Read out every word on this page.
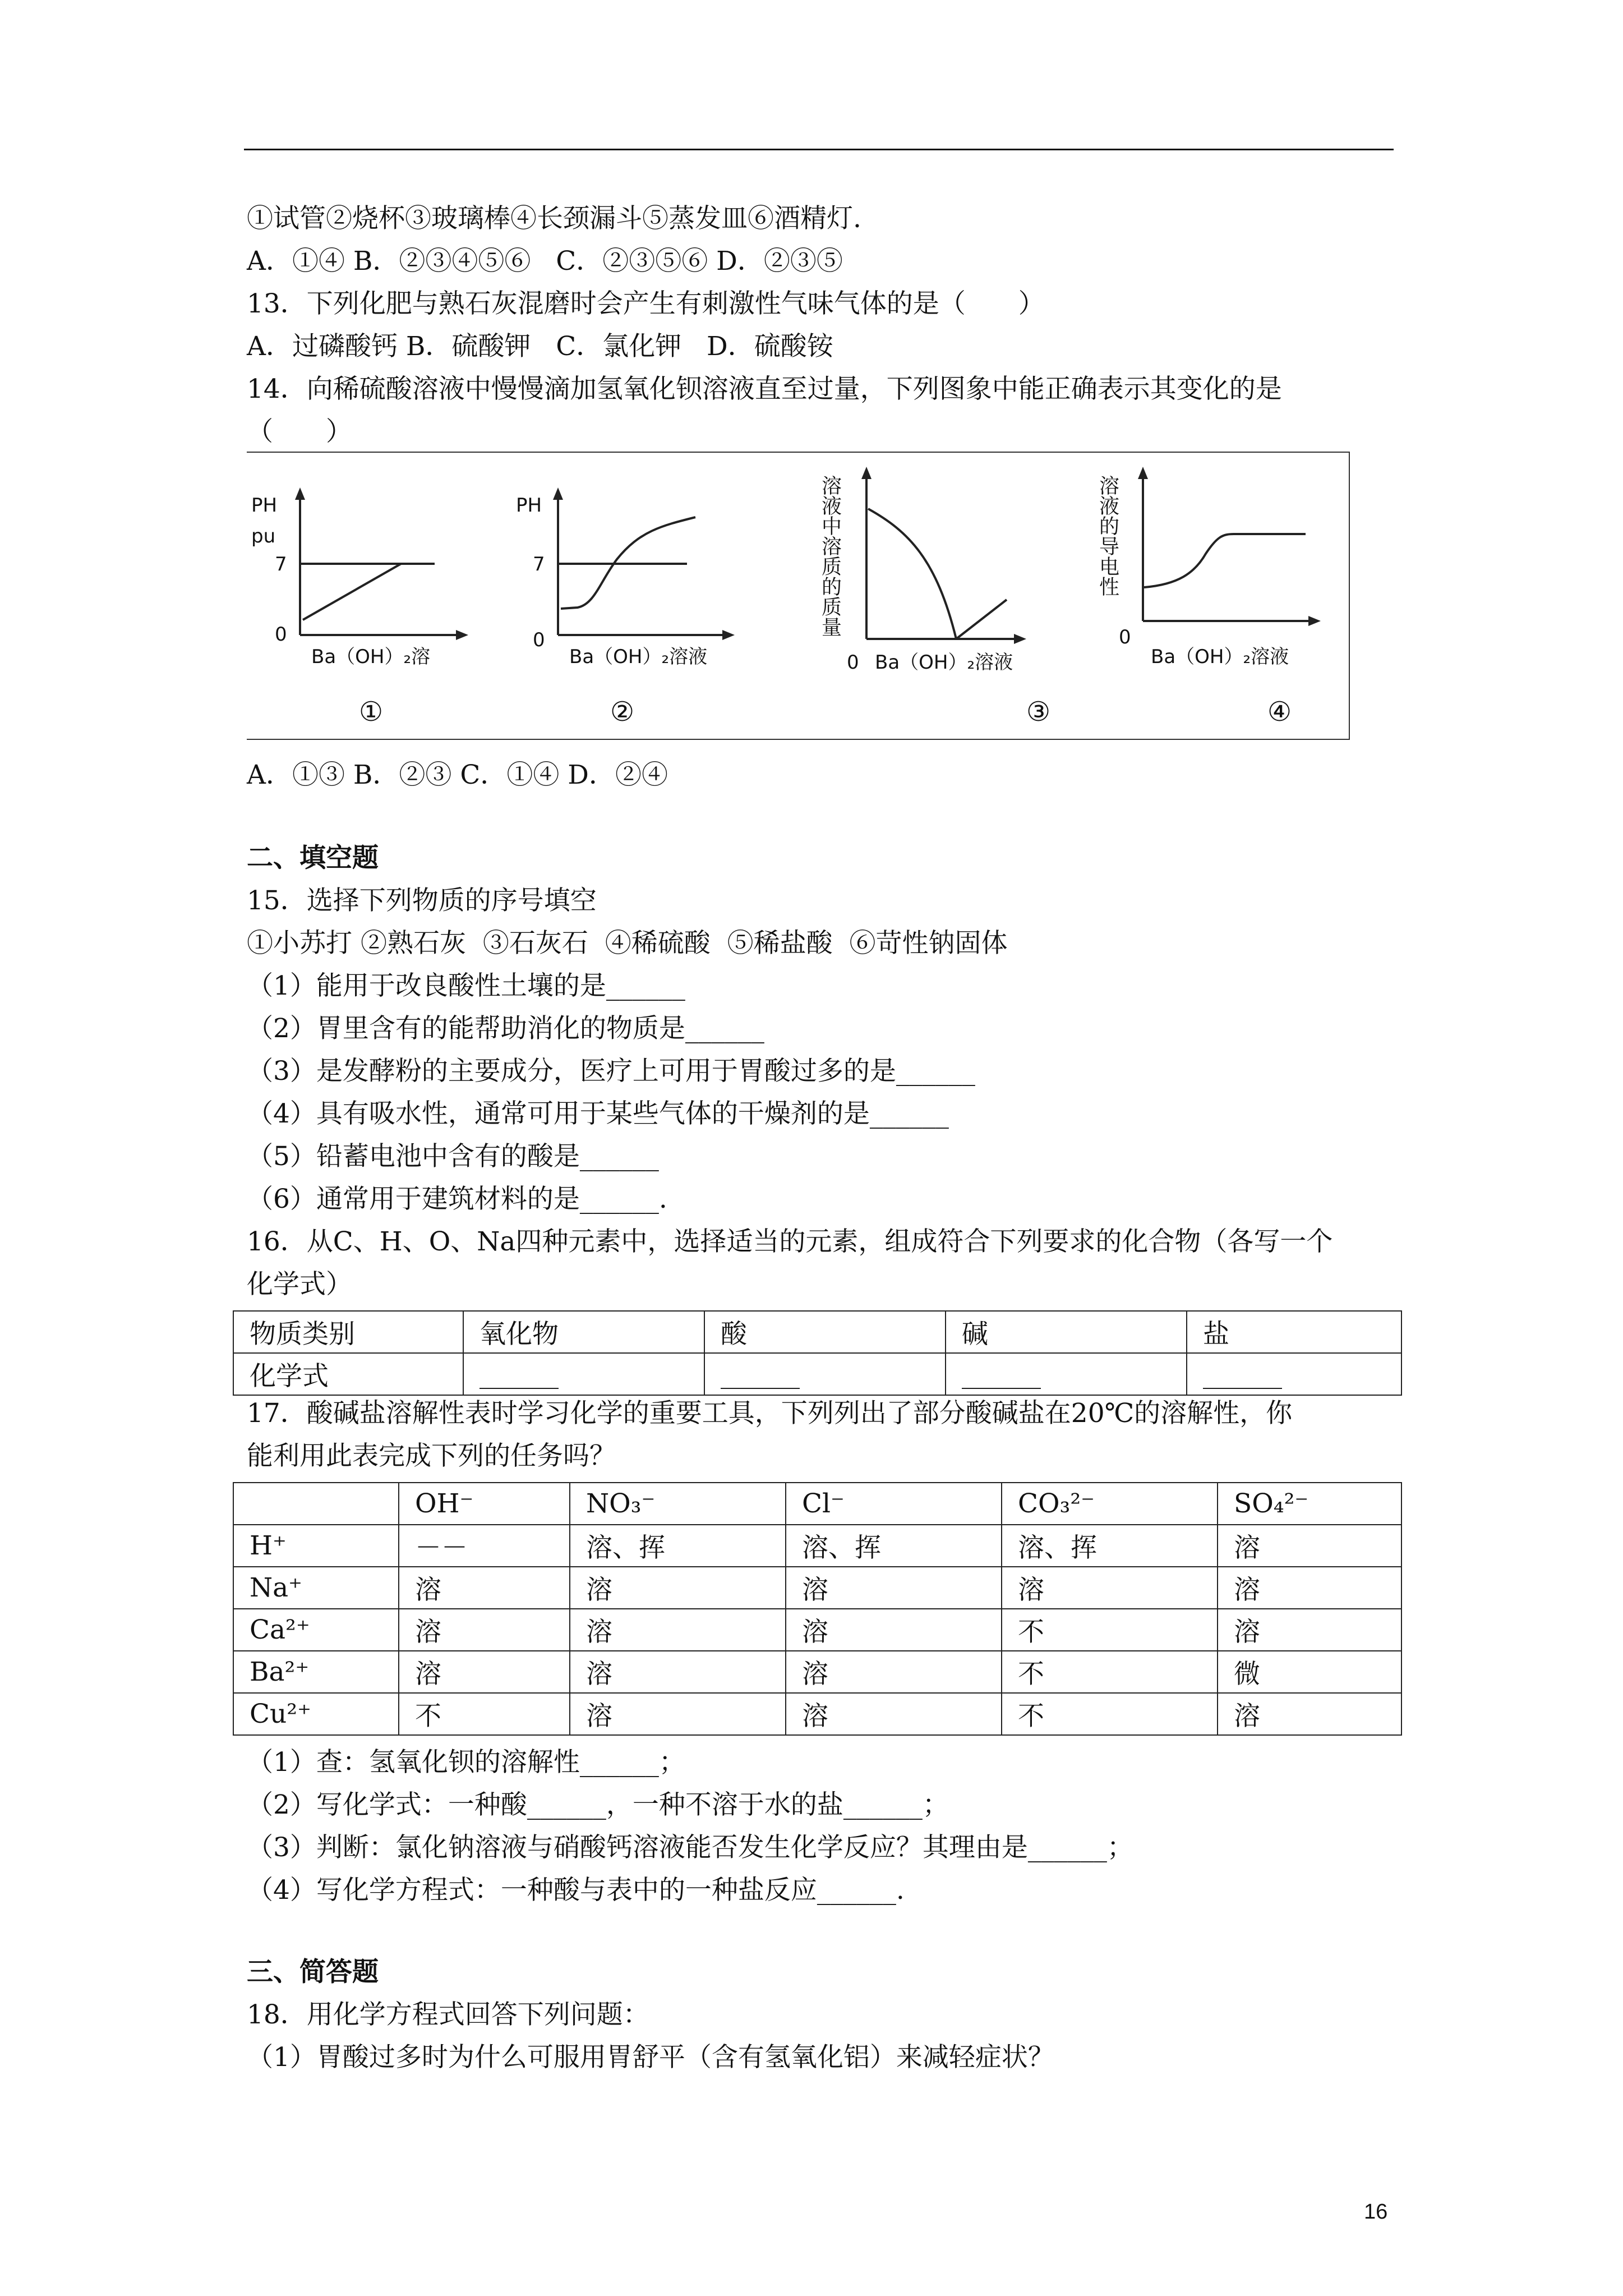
①试管②烧杯③玻璃棒④长颈漏斗⑤蒸发皿⑥酒精灯.
A．①④ B．②③④⑤⑥   C．②③⑤⑥ D．②③⑤
13．下列化肥与熟石灰混磨时会产生有刺激性气味气体的是（　　）
A．过磷酸钙 B．硫酸钾   C．氯化钾   D．硫酸铵
14．向稀硫酸溶液中慢慢滴加氢氧化钡溶液直至过量，下列图象中能正确表示其变化的是
（　　）
PH
pu
7
0
Ba（OH）₂溶
①
PH
7
0
Ba（OH）₂溶液
②
溶液中溶质的质量
0 Ba（OH）₂溶液
③
溶液的导电性
0
Ba（OH）₂溶液
④
A．①③ B．②③ C．①④ D．②④
二、填空题
15．选择下列物质的序号填空
①小苏打 ②熟石灰  ③石灰石  ④稀硫酸  ⑤稀盐酸  ⑥苛性钠固体
（1）能用于改良酸性土壤的是______
（2）胃里含有的能帮助消化的物质是______
（3）是发酵粉的主要成分，医疗上可用于胃酸过多的是______
（4）具有吸水性，通常可用于某些气体的干燥剂的是______
（5）铅蓄电池中含有的酸是______
（6）通常用于建筑材料的是______.
16．从C、H、O、Na四种元素中，选择适当的元素，组成符合下列要求的化合物（各写一个
化学式）
物质类别	氧化物	酸	碱	盐
化学式	______	______	______	______
17．酸碱盐溶解性表时学习化学的重要工具，下列列出了部分酸碱盐在20℃的溶解性，你
能利用此表完成下列的任务吗？
	OH⁻	NO₃⁻	Cl⁻	CO₃²⁻	SO₄²⁻
H⁺	－－	溶、挥	溶、挥	溶、挥	溶
Na⁺	溶	溶	溶	溶	溶
Ca²⁺	溶	溶	溶	不	溶
Ba²⁺	溶	溶	溶	不	微
Cu²⁺	不	溶	溶	不	溶
（1）查：氢氧化钡的溶解性______；
（2）写化学式：一种酸______，一种不溶于水的盐______；
（3）判断：氯化钠溶液与硝酸钙溶液能否发生化学反应？其理由是______；
（4）写化学方程式：一种酸与表中的一种盐反应______.
三、简答题
18．用化学方程式回答下列问题：
（1）胃酸过多时为什么可服用胃舒平（含有氢氧化铝）来减轻症状？
16
